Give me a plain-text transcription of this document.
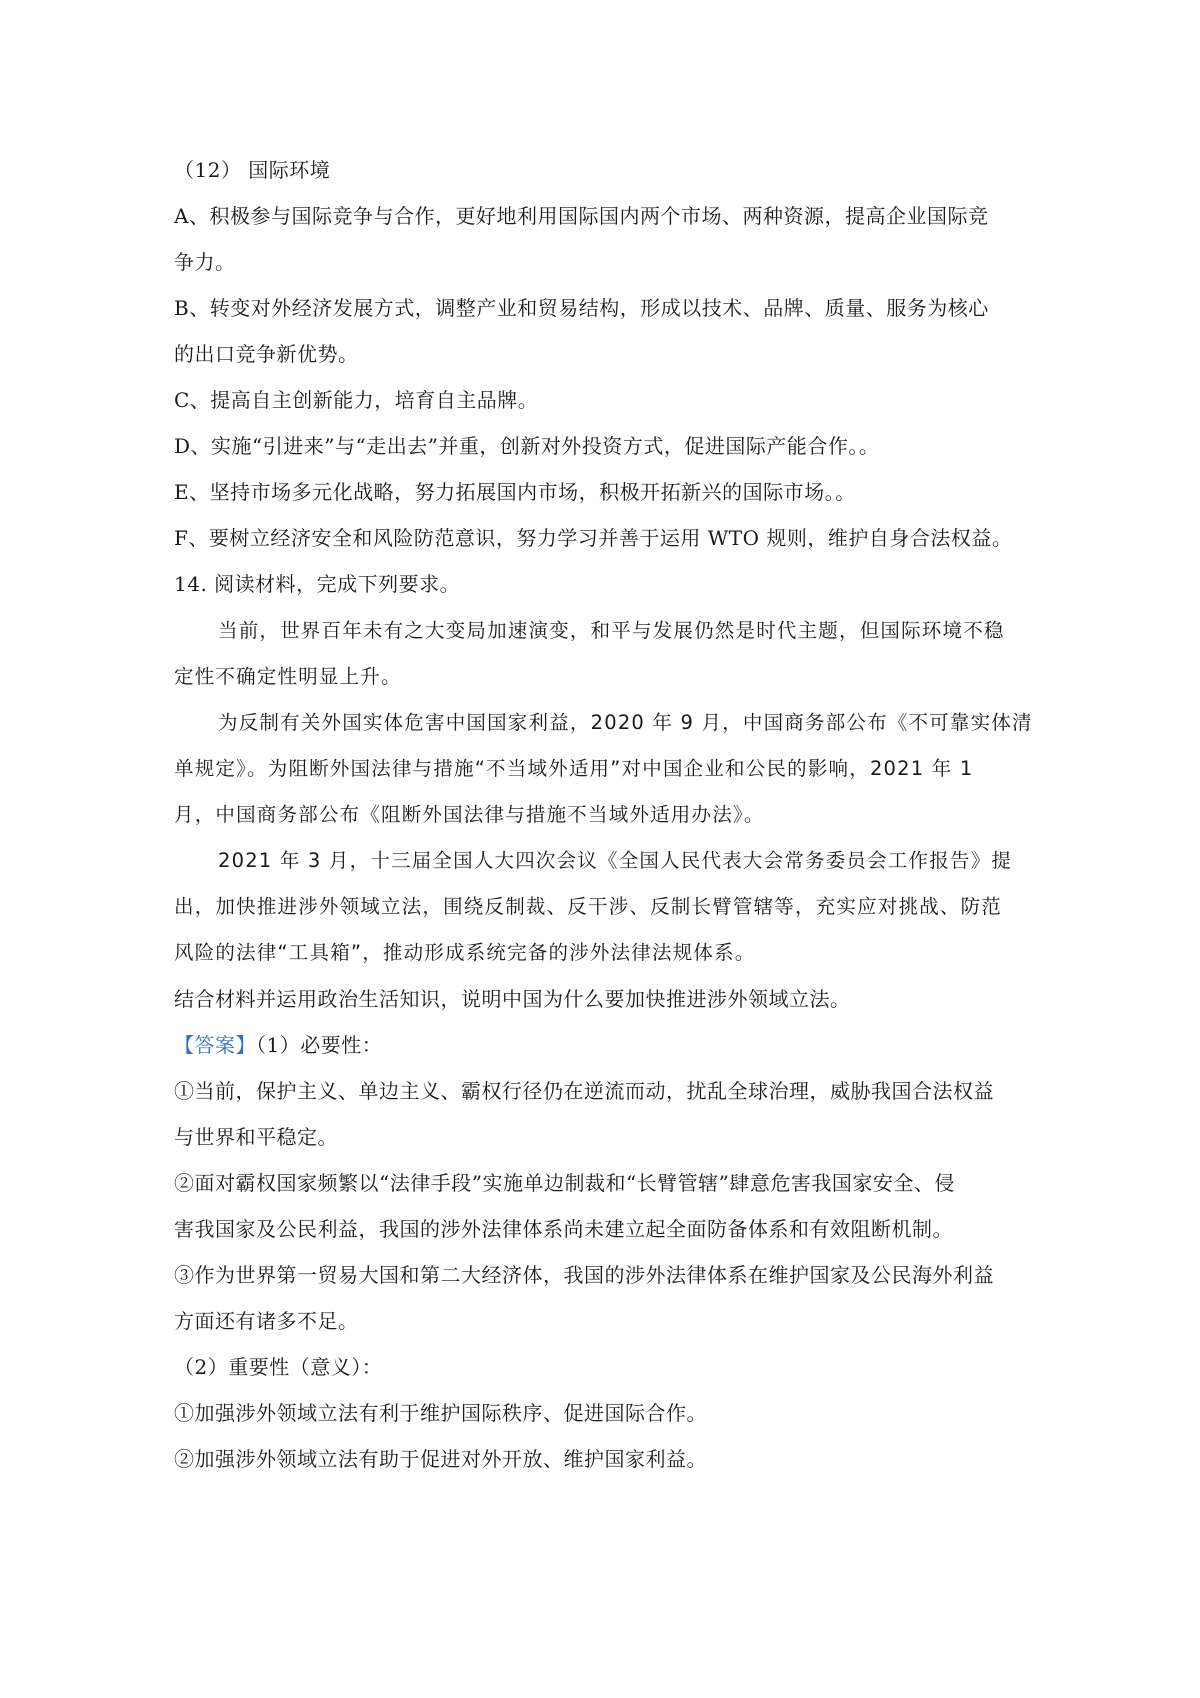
（12） 国际环境
A、积极参与国际竞争与合作，更好地利用国际国内两个市场、两种资源，提高企业国际竞
争力。
B、转变对外经济发展方式，调整产业和贸易结构，形成以技术、品牌、质量、服务为核心
的出口竞争新优势。
C、提高自主创新能力，培育自主品牌。
D、实施“引进来”与“走出去”并重，创新对外投资方式，促进国际产能合作。。
E、坚持市场多元化战略，努力拓展国内市场，积极开拓新兴的国际市场。。
F、要树立经济安全和风险防范意识，努力学习并善于运用 WTO 规则，维护自身合法权益。
14. 阅读材料，完成下列要求。
当前，世界百年未有之大变局加速演变，和平与发展仍然是时代主题，但国际环境不稳
定性不确定性明显上升。
为反制有关外国实体危害中国国家利益，2020 年 9 月，中国商务部公布《不可靠实体清
单规定》。为阻断外国法律与措施“不当域外适用”对中国企业和公民的影响，2021 年 1
月，中国商务部公布《阻断外国法律与措施不当域外适用办法》。
2021 年 3 月，十三届全国人大四次会议《全国人民代表大会常务委员会工作报告》提
出，加快推进涉外领域立法，围绕反制裁、反干涉、反制长臂管辖等，充实应对挑战、防范
风险的法律“工具箱”，推动形成系统完备的涉外法律法规体系。
结合材料并运用政治生活知识，说明中国为什么要加快推进涉外领域立法。
【答案】（1）必要性：
①当前，保护主义、单边主义、霸权行径仍在逆流而动，扰乱全球治理，威胁我国合法权益
与世界和平稳定。
②面对霸权国家频繁以“法律手段”实施单边制裁和“长臂管辖”肆意危害我国家安全、侵
害我国家及公民利益，我国的涉外法律体系尚未建立起全面防备体系和有效阻断机制。
③作为世界第一贸易大国和第二大经济体，我国的涉外法律体系在维护国家及公民海外利益
方面还有诸多不足。
（2）重要性（意义）：
①加强涉外领域立法有利于维护国际秩序、促进国际合作。
②加强涉外领域立法有助于促进对外开放、维护国家利益。
